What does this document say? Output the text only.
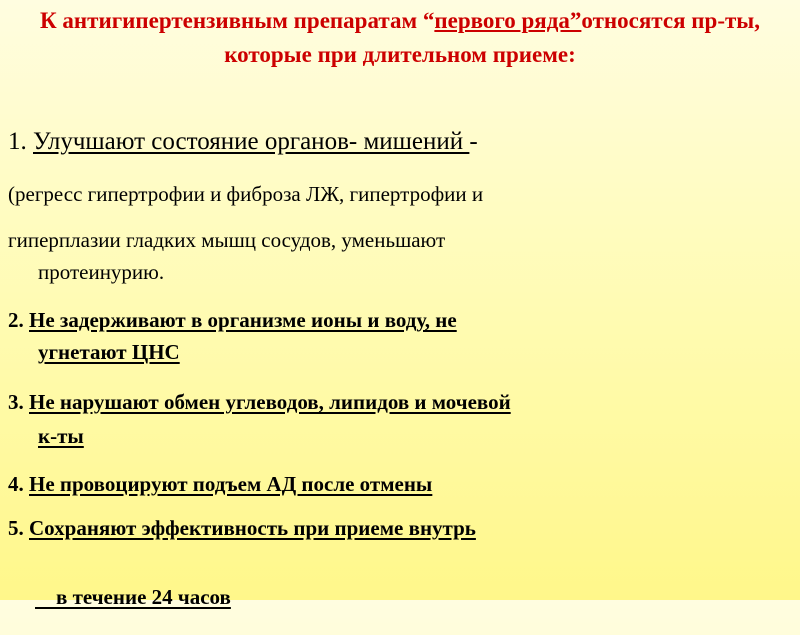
К антигипертензивным препаратам “первого ряда”относятся пр-ты, которые при длительном приеме:
1. Улучшают состояние органов- мишений -
(регресс гипертрофии и фиброза ЛЖ, гипертрофии и
гиперплазии гладких мышц сосудов, уменьшают
протеинурию.
2. Не задерживают в организме ионы и воду, не
угнетают ЦНС
3. Не нарушают обмен углеводов, липидов и мочевой
к-ты
4. Не провоцируют подъем АД после отмены
5. Сохраняют эффективность при приеме внутрь

в течение 24 часов
